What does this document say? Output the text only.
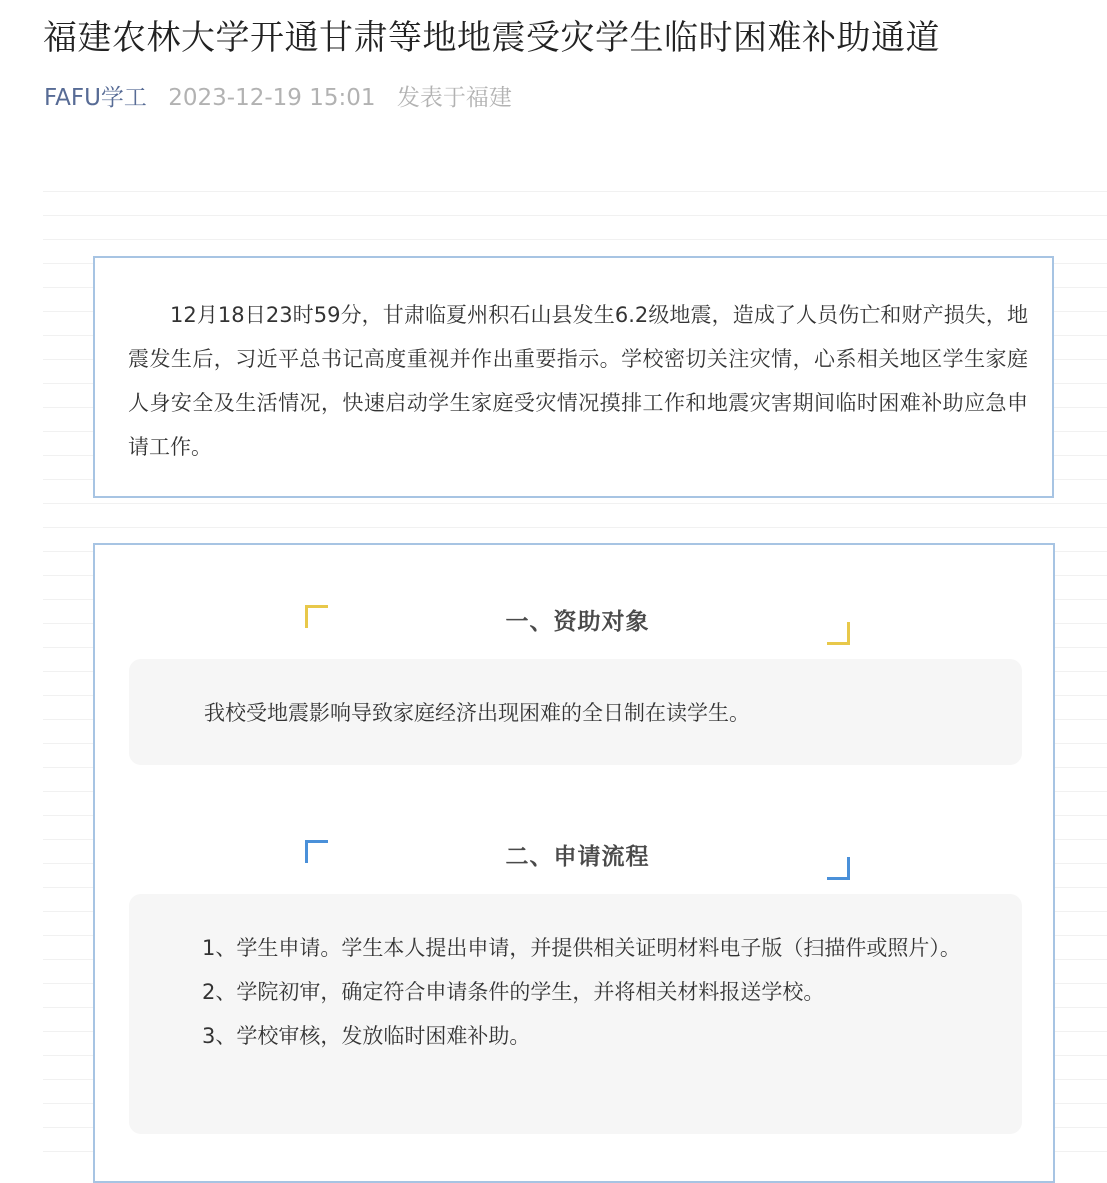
福建农林大学开通甘肃等地地震受灾学生临时困难补助通道
FAFU学工 2023-12-19 15:01 发表于福建

12月18日23时59分，甘肃临夏州积石山县发生6.2级地震，造成了人员伤亡和财产损失，地震发生后，习近平总书记高度重视并作出重要指示。学校密切关注灾情，心系相关地区学生家庭人身安全及生活情况，快速启动学生家庭受灾情况摸排工作和地震灾害期间临时困难补助应急申请工作。

一、资助对象

我校受地震影响导致家庭经济出现困难的全日制在读学生。

二、申请流程

1、学生申请。学生本人提出申请，并提供相关证明材料电子版（扫描件或照片）。

2、学院初审，确定符合申请条件的学生，并将相关材料报送学校。

3、学校审核，发放临时困难补助。
